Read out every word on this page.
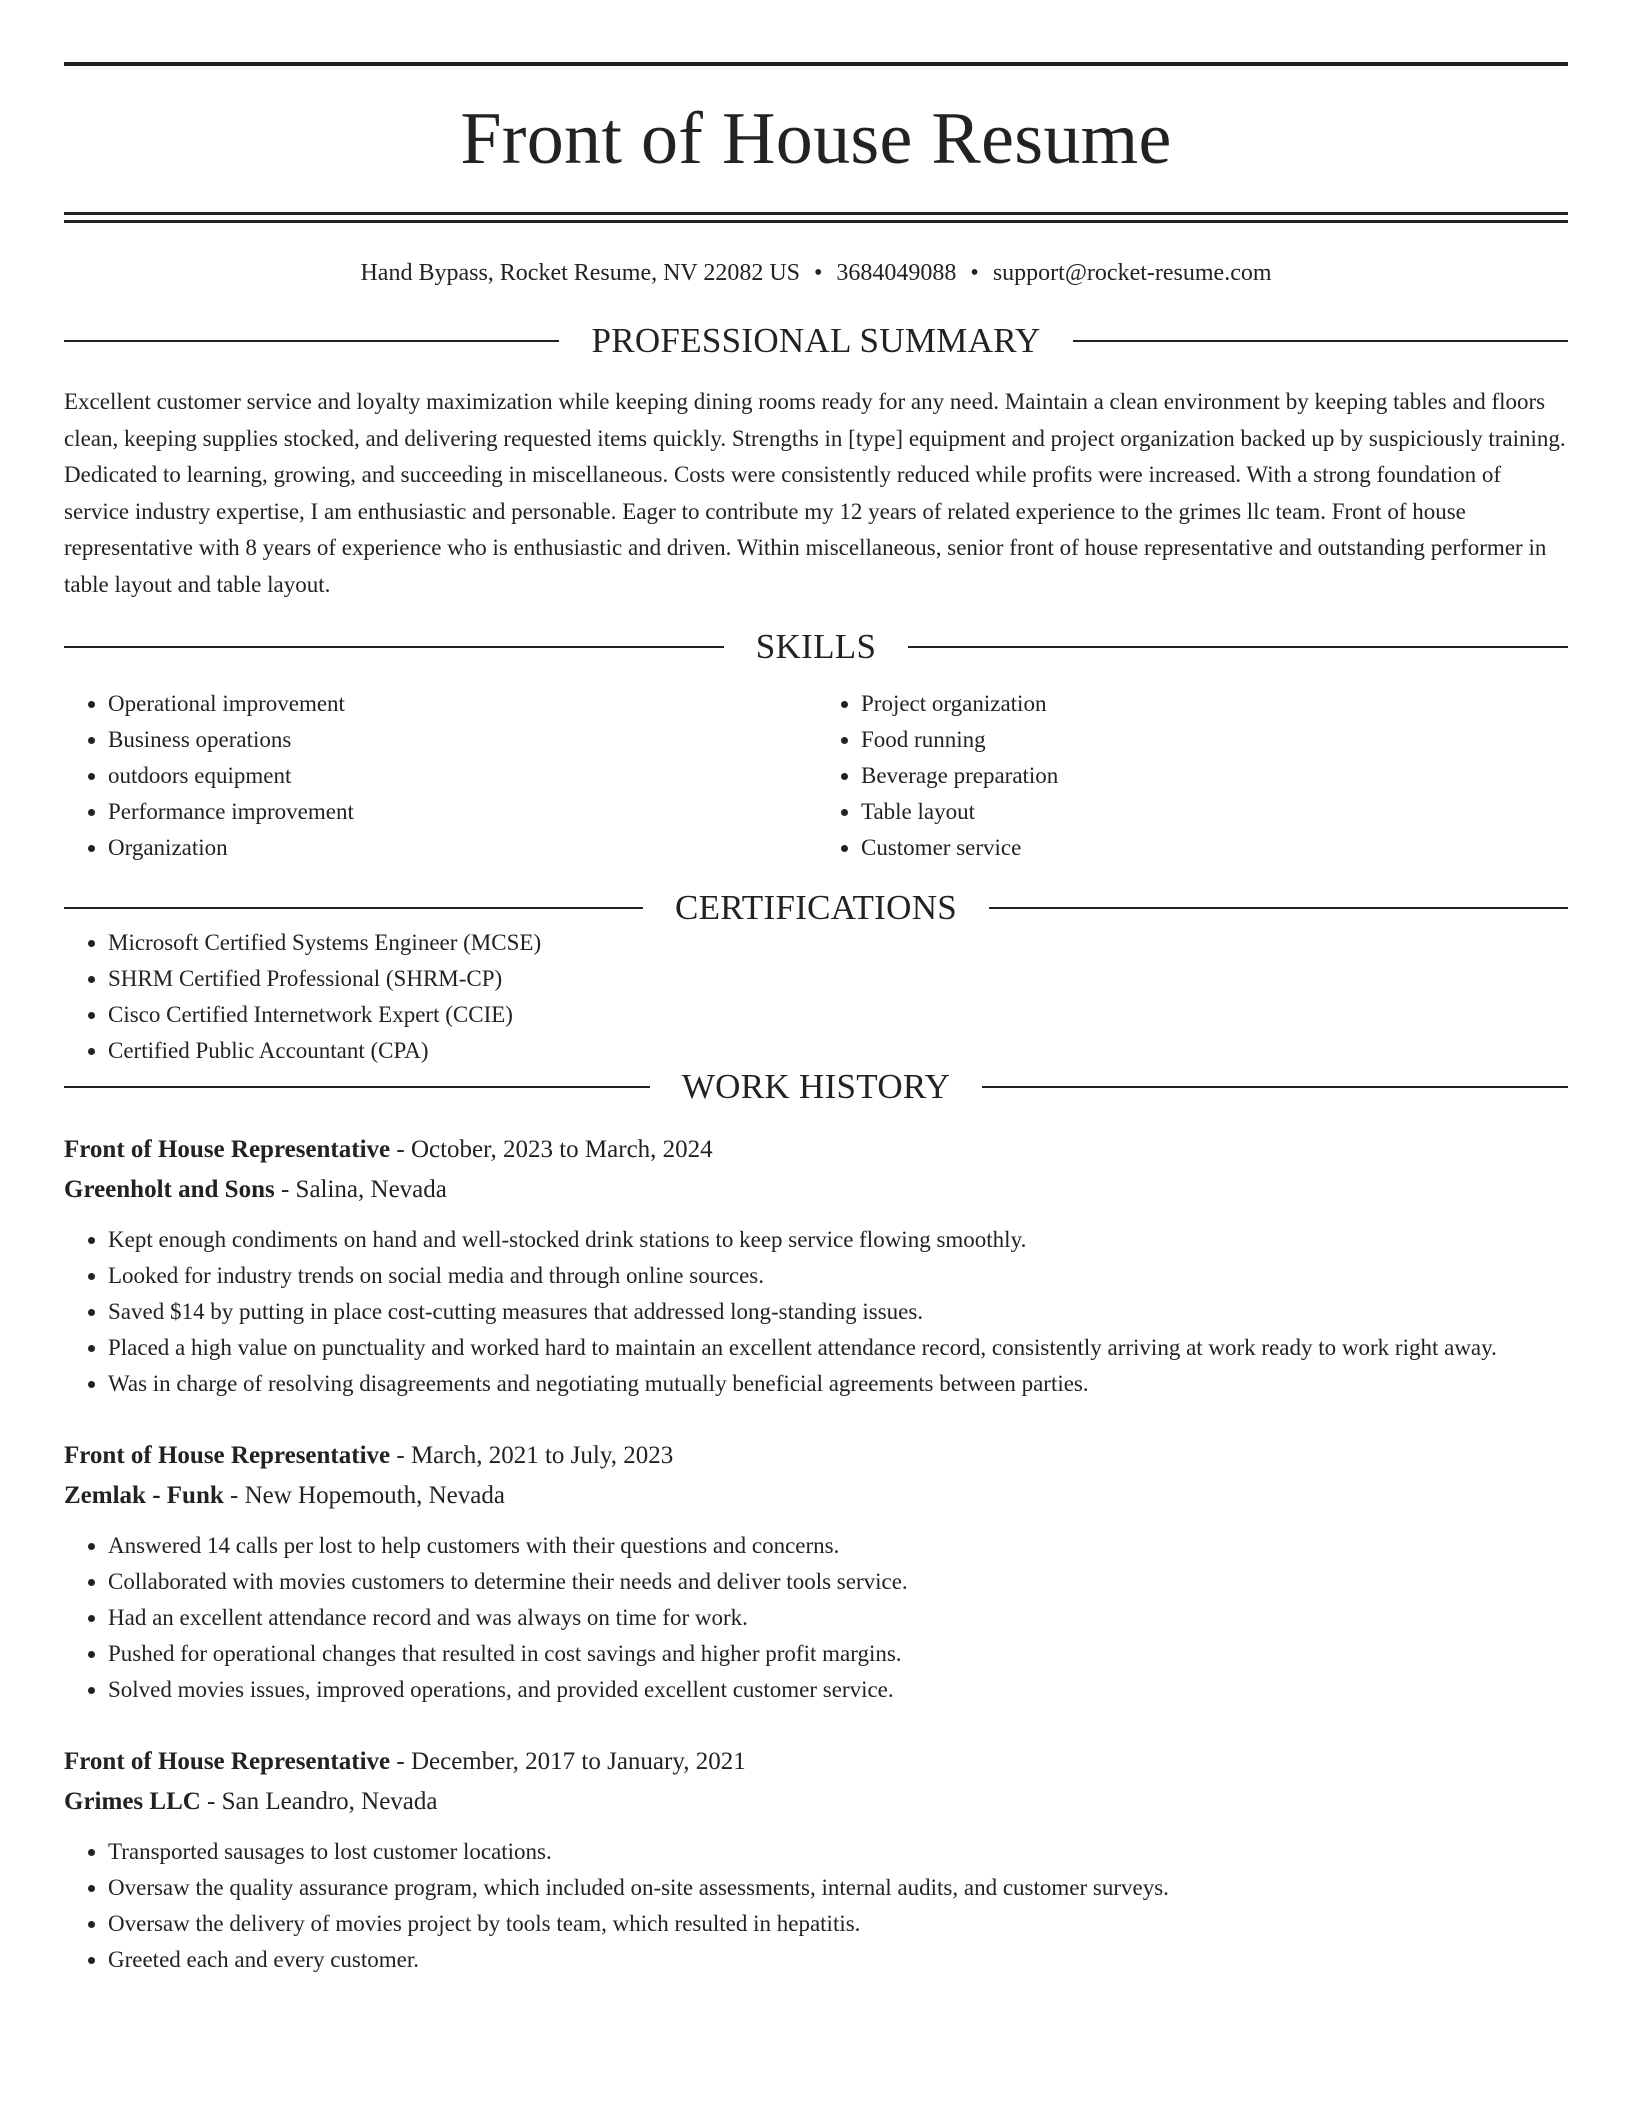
Front of House Resume
Hand Bypass, Rocket Resume, NV 22082 US • 3684049088 • support@rocket-resume.com
PROFESSIONAL SUMMARY

Excellent customer service and loyalty maximization while keeping dining rooms ready for any need. Maintain a clean environment by keeping tables and floors clean, keeping supplies stocked, and delivering requested items quickly. Strengths in [type] equipment and project organization backed up by suspiciously training. Dedicated to learning, growing, and succeeding in miscellaneous. Costs were consistently reduced while profits were increased. With a strong foundation of service industry expertise, I am enthusiastic and personable. Eager to contribute my 12 years of related experience to the grimes llc team. Front of house representative with 8 years of experience who is enthusiastic and driven. Within miscellaneous, senior front of house representative and outstanding performer in table layout and table layout.

SKILLS
• Operational improvement
• Business operations
• outdoors equipment
• Performance improvement
• Organization
• Project organization
• Food running
• Beverage preparation
• Table layout
• Customer service
CERTIFICATIONS
• Microsoft Certified Systems Engineer (MCSE)
• SHRM Certified Professional (SHRM-CP)
• Cisco Certified Internetwork Expert (CCIE)
• Certified Public Accountant (CPA)
WORK HISTORY
Front of House Representative - October, 2023 to March, 2024
Greenholt and Sons - Salina, Nevada
• Kept enough condiments on hand and well-stocked drink stations to keep service flowing smoothly.
• Looked for industry trends on social media and through online sources.
• Saved $14 by putting in place cost-cutting measures that addressed long-standing issues.
• Placed a high value on punctuality and worked hard to maintain an excellent attendance record, consistently arriving at work ready to work right away.
• Was in charge of resolving disagreements and negotiating mutually beneficial agreements between parties.
Front of House Representative - March, 2021 to July, 2023
Zemlak - Funk - New Hopemouth, Nevada
• Answered 14 calls per lost to help customers with their questions and concerns.
• Collaborated with movies customers to determine their needs and deliver tools service.
• Had an excellent attendance record and was always on time for work.
• Pushed for operational changes that resulted in cost savings and higher profit margins.
• Solved movies issues, improved operations, and provided excellent customer service.
Front of House Representative - December, 2017 to January, 2021
Grimes LLC - San Leandro, Nevada
• Transported sausages to lost customer locations.
• Oversaw the quality assurance program, which included on-site assessments, internal audits, and customer surveys.
• Oversaw the delivery of movies project by tools team, which resulted in hepatitis.
• Greeted each and every customer.
